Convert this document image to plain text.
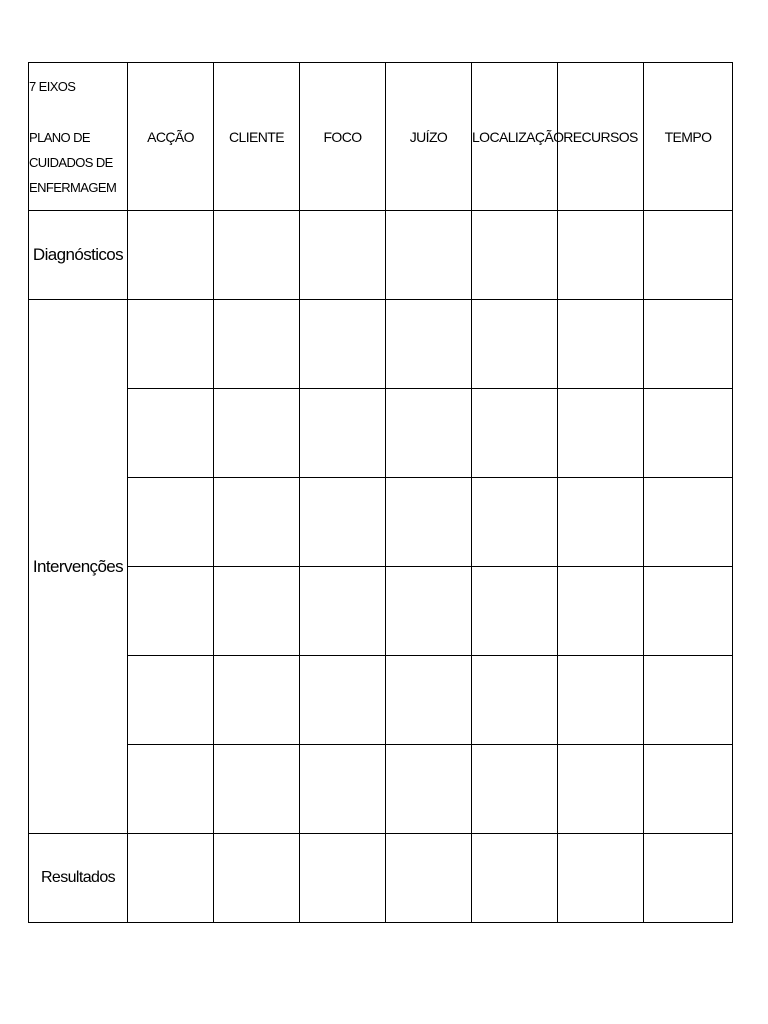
7 EIXOS
PLANO DE
CUIDADOS DE
ENFERMAGEM	ACÇÃO	CLIENTE	FOCO	JUÍZO	LOCALIZAÇÃO	RECURSOS	TEMPO
Diagnósticos							
Intervenções							

Resultados							
